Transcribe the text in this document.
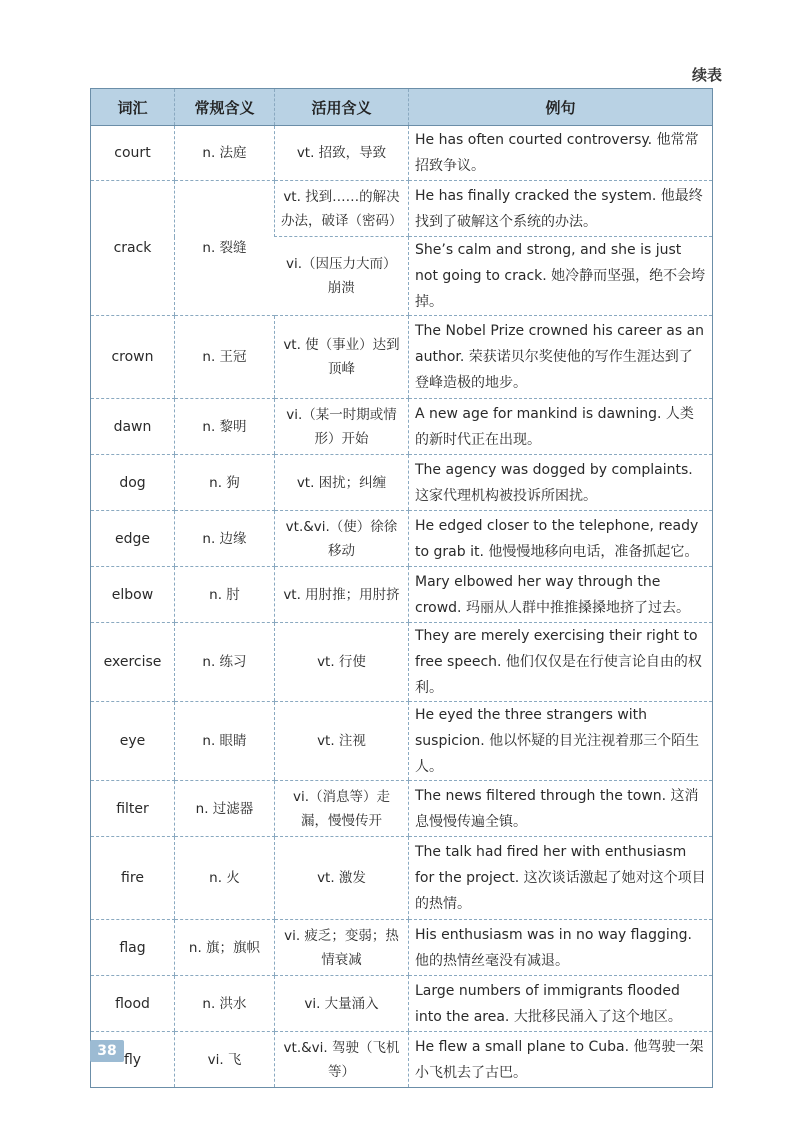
续表
词汇	常规含义	活用含义	例句
court	n. 法庭	vt. 招致，导致	He has often courted controversy. 他常常招致争议。
crack	n. 裂缝	vt. 找到……的解决办法，破译（密码）	He has finally cracked the system. 他最终找到了破解这个系统的办法。
		vi.（因压力大而）崩溃	She’s calm and strong, and she is just not going to crack. 她冷静而坚强，绝不会垮掉。
crown	n. 王冠	vt. 使（事业）达到顶峰	The Nobel Prize crowned his career as an author. 荣获诺贝尔奖使他的写作生涯达到了登峰造极的地步。
dawn	n. 黎明	vi.（某一时期或情形）开始	A new age for mankind is dawning. 人类的新时代正在出现。
dog	n. 狗	vt. 困扰；纠缠	The agency was dogged by complaints. 这家代理机构被投诉所困扰。
edge	n. 边缘	vt.&vi.（使）徐徐移动	He edged closer to the telephone, ready to grab it. 他慢慢地移向电话，准备抓起它。
elbow	n. 肘	vt. 用肘推；用肘挤	Mary elbowed her way through the crowd. 玛丽从人群中推推搡搡地挤了过去。
exercise	n. 练习	vt. 行使	They are merely exercising their right to free speech. 他们仅仅是在行使言论自由的权利。
eye	n. 眼睛	vt. 注视	He eyed the three strangers with suspicion. 他以怀疑的目光注视着那三个陌生人。
filter	n. 过滤器	vi.（消息等）走漏，慢慢传开	The news filtered through the town. 这消息慢慢传遍全镇。
fire	n. 火	vt. 激发	The talk had fired her with enthusiasm for the project. 这次谈话激起了她对这个项目的热情。
flag	n. 旗；旗帜	vi. 疲乏；变弱；热情衰减	His enthusiasm was in no way flagging. 他的热情丝毫没有减退。
flood	n. 洪水	vi. 大量涌入	Large numbers of immigrants flooded into the area. 大批移民涌入了这个地区。
fly	vi. 飞	vt.&vi. 驾驶（飞机等）	He flew a small plane to Cuba. 他驾驶一架小飞机去了古巴。
38
